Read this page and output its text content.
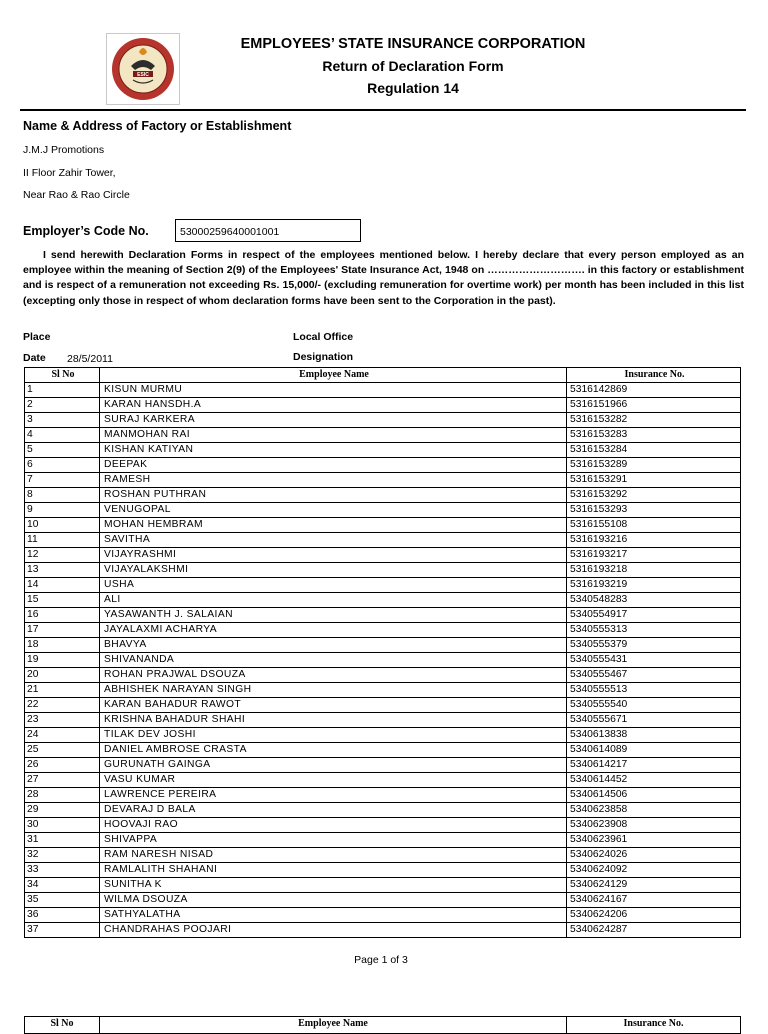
ESIC
EMPLOYEES’ STATE INSURANCE CORPORATION
Return of Declaration Form
Regulation 14
Name & Address of Factory or Establishment
J.M.J Promotions
II Floor Zahir Tower,
Near Rao & Rao Circle
Employer’s Code No.	53000259640001001
I send herewith Declaration Forms in respect of the employees mentioned below. I hereby declare that every person employed as an employee within the meaning of Section 2(9) of the Employees' State Insurance Act, 1948 on ………………………. in this factory or establishment and is respect of a remuneration not exceeding Rs. 15,000/- (excluding remuneration for overtime work) per month has been included in this list (excepting only those in respect of whom declaration forms have been sent to the Corporation in the past).
Place	Local Office
Date 28/5/2011	Designation
Sl No	Employee Name	Insurance No.
1	KISUN MURMU	5316142869
2	KARAN HANSDH.A	5316151966
3	SURAJ KARKERA	5316153282
4	MANMOHAN RAI	5316153283
5	KISHAN KATIYAN	5316153284
6	DEEPAK	5316153289
7	RAMESH	5316153291
8	ROSHAN PUTHRAN	5316153292
9	VENUGOPAL	5316153293
10	MOHAN HEMBRAM	5316155108
11	SAVITHA	5316193216
12	VIJAYRASHMI	5316193217
13	VIJAYALAKSHMI	5316193218
14	USHA	5316193219
15	ALI	5340548283
16	YASAWANTH J. SALAIAN	5340554917
17	JAYALAXMI ACHARYA	5340555313
18	BHAVYA	5340555379
19	SHIVANANDA	5340555431
20	ROHAN PRAJWAL DSOUZA	5340555467
21	ABHISHEK NARAYAN SINGH	5340555513
22	KARAN BAHADUR RAWOT	5340555540
23	KRISHNA BAHADUR SHAHI	5340555671
24	TILAK DEV JOSHI	5340613838
25	DANIEL AMBROSE CRASTA	5340614089
26	GURUNATH GAINGA	5340614217
27	VASU KUMAR	5340614452
28	LAWRENCE PEREIRA	5340614506
29	DEVARAJ D BALA	5340623858
30	HOOVAJI RAO	5340623908
31	SHIVAPPA	5340623961
32	RAM NARESH NISAD	5340624026
33	RAMLALITH SHAHANI	5340624092
34	SUNITHA K	5340624129
35	WILMA DSOUZA	5340624167
36	SATHYALATHA	5340624206
37	CHANDRAHAS POOJARI	5340624287
Page 1 of 3
Sl No	Employee Name	Insurance No.
